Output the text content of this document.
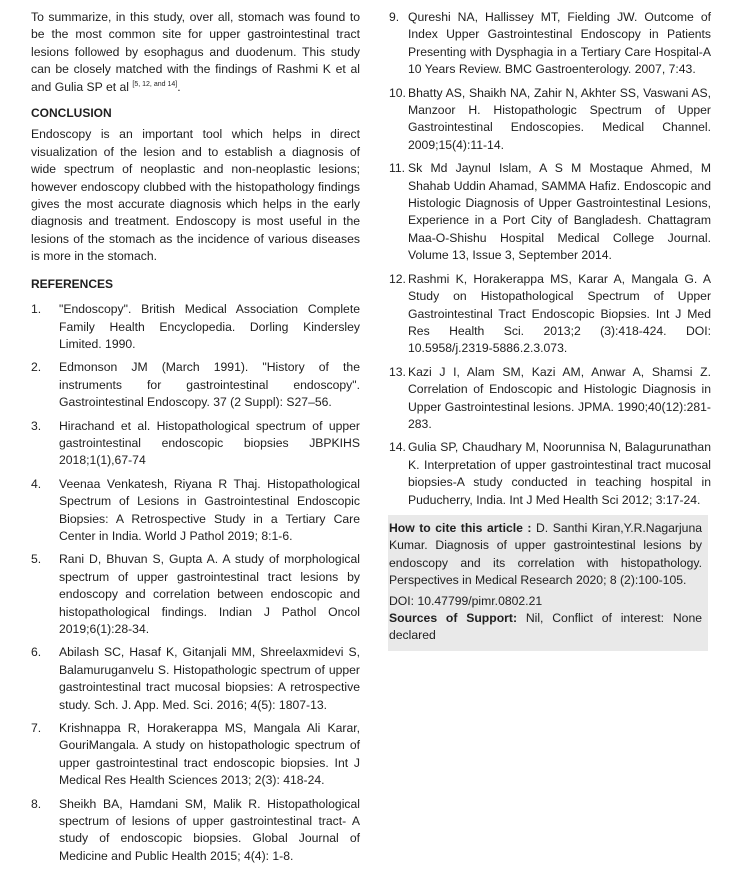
To summarize, in this study, over all, stomach was found to be the most common site for upper gastrointestinal tract lesions followed by esophagus and duodenum. This study can be closely matched with the findings of Rashmi K et al and Gulia SP et al [5, 12, and 14].

CONCLUSION

Endoscopy is an important tool which helps in direct visualization of the lesion and to establish a diagnosis of wide spectrum of neoplastic and non-neoplastic lesions; however endoscopy clubbed with the histopathology findings gives the most accurate diagnosis which helps in the early diagnosis and treatment. Endoscopy is most useful in the lesions of the stomach as the incidence of various diseases is more in the stomach.

REFERENCES
1.	"Endoscopy". British Medical Association Complete Family Health Encyclopedia. Dorling Kindersley Limited. 1990.
2.	Edmonson JM (March 1991). "History of the instruments for gastrointestinal endoscopy". Gastrointestinal Endoscopy. 37 (2 Suppl): S27–56.
3.	Hirachand et al. Histopathological spectrum of upper gastrointestinal endoscopic biopsies JBPKIHS 2018;1(1),67-74
4.	Veenaa Venkatesh, Riyana R Thaj. Histopathological Spectrum of Lesions in Gastrointestinal Endoscopic Biopsies: A Retrospective Study in a Tertiary Care Center in India. World J Pathol 2019; 8:1-6.
5.	Rani D, Bhuvan S, Gupta A. A study of morphological spectrum of upper gastrointestinal tract lesions by endoscopy and correlation between endoscopic and histopathological findings. Indian J Pathol Oncol 2019;6(1):28-34.
6.	Abilash SC, Hasaf K, Gitanjali MM, Shreelaxmidevi S, Balamuruganvelu S. Histopathologic spectrum of upper gastrointestinal tract mucosal biopsies: A retrospective study. Sch. J. App. Med. Sci. 2016; 4(5): 1807-13.
7.	Krishnappa R, Horakerappa MS, Mangala Ali Karar, GouriMangala. A study on histopathologic spectrum of upper gastrointestinal tract endoscopic biopsies. Int J Medical Res Health Sciences 2013; 2(3): 418-24.
8.	Sheikh BA, Hamdani SM, Malik R. Histopathological spectrum of lesions of upper gastrointestinal tract- A study of endoscopic biopsies. Global Journal of Medicine and Public Health 2015; 4(4): 1-8.
9. Qureshi NA, Hallissey MT, Fielding JW. Outcome of Index Upper Gastrointestinal Endoscopy in Patients Presenting with Dysphagia in a Tertiary Care Hospital-A 10 Years Review. BMC Gastroenterology. 2007, 7:43.
10. Bhatty AS, Shaikh NA, Zahir N, Akhter SS, Vaswani AS, Manzoor H. Histopathologic Spectrum of Upper Gastrointestinal Endoscopies. Medical Channel. 2009;15(4):11-14.
11. Sk Md Jaynul Islam, A S M Mostaque Ahmed, M Shahab Uddin Ahamad, SAMMA Hafiz. Endoscopic and Histologic Diagnosis of Upper Gastrointestinal Lesions, Experience in a Port City of Bangladesh. Chattagram Maa-O-Shishu Hospital Medical College Journal. Volume 13, Issue 3, September 2014.
12. Rashmi K, Horakerappa MS, Karar A, Mangala G. A Study on Histopathological Spectrum of Upper Gastrointestinal Tract Endoscopic Biopsies. Int J Med Res Health Sci. 2013;2 (3):418-424. DOI: 10.5958/j.2319-5886.2.3.073.
13. Kazi J I, Alam SM, Kazi AM, Anwar A, Shamsi Z. Correlation of Endoscopic and Histologic Diagnosis in Upper Gastrointestinal lesions. JPMA. 1990;40(12):281-283.
14. Gulia SP, Chaudhary M, Noorunnisa N, Balagurunathan K. Interpretation of upper gastrointestinal tract mucosal biopsies-A study conducted in teaching hospital in Puducherry, India. Int J Med Health Sci 2012; 3:17-24.

How to cite this article : D. Santhi Kiran,Y.R.Nagarjuna Kumar. Diagnosis of upper gastrointestinal lesions by endoscopy and its correlation with histopathology. Perspectives in Medical Research 2020; 8 (2):100-105.

DOI: 10.47799/pimr.0802.21

Sources of Support: Nil, Conflict of interest: None declared
